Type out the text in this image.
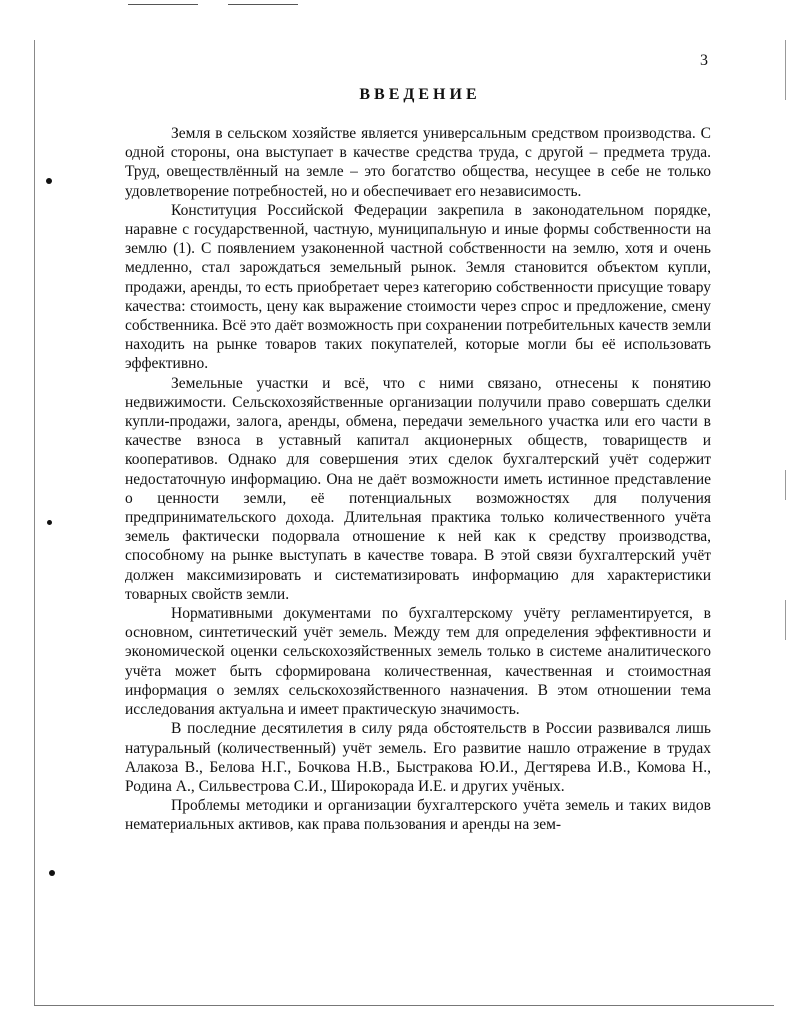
3
ВВЕДЕНИЕ

Земля в сельском хозяйстве является универсальным средством производства. С одной стороны, она выступает в качестве средства труда, с другой – предмета труда. Труд, овеществлённый на земле – это богатство общества, несущее в себе не только удовлетворение потребностей, но и обеспечивает его независимость.

Конституция Российской Федерации закрепила в законодательном порядке, наравне с государственной, частную, муниципальную и иные формы собственности на землю (1). С появлением узаконенной частной собственности на землю, хотя и очень медленно, стал зарождаться земельный рынок. Земля становится объектом купли, продажи, аренды, то есть приобретает через категорию собственности присущие товару качества: стоимость, цену как выражение стоимости через спрос и предложение, смену собственника. Всё это даёт возможность при сохранении потребительных качеств земли находить на рынке товаров таких покупателей, которые могли бы её использовать эффективно.

Земельные участки и всё, что с ними связано, отнесены к понятию недвижимости. Сельскохозяйственные организации получили право совершать сделки купли-продажи, залога, аренды, обмена, передачи земельного участка или его части в качестве взноса в уставный капитал акционерных обществ, товариществ и кооперативов. Однако для совершения этих сделок бухгалтерский учёт содержит недостаточную информацию. Она не даёт возможности иметь истинное представление о ценности земли, её потенциальных возможностях для получения предпринимательского дохода. Длительная практика только количественного учёта земель фактически подорвала отношение к ней как к средству производства, способному на рынке выступать в качестве товара. В этой связи бухгалтерский учёт должен максимизировать и систематизировать информацию для характеристики товарных свойств земли.

Нормативными документами по бухгалтерскому учёту регламентируется, в основном, синтетический учёт земель. Между тем для определения эффективности и экономической оценки сельскохозяйственных земель только в системе аналитического учёта может быть сформирована количественная, качественная и стоимостная информация о землях сельскохозяйственного назначения. В этом отношении тема исследования актуальна и имеет практическую значимость.

В последние десятилетия в силу ряда обстоятельств в России развивался лишь натуральный (количественный) учёт земель. Его развитие нашло отражение в трудах Алакоза В., Белова Н.Г., Бочкова Н.В., Быстракова Ю.И., Дегтярева И.В., Комова Н., Родина А., Сильвестрова С.И., Широкорада И.Е. и других учёных.

Проблемы методики и организации бухгалтерского учёта земель и таких видов нематериальных активов, как права пользования и аренды на зем-
